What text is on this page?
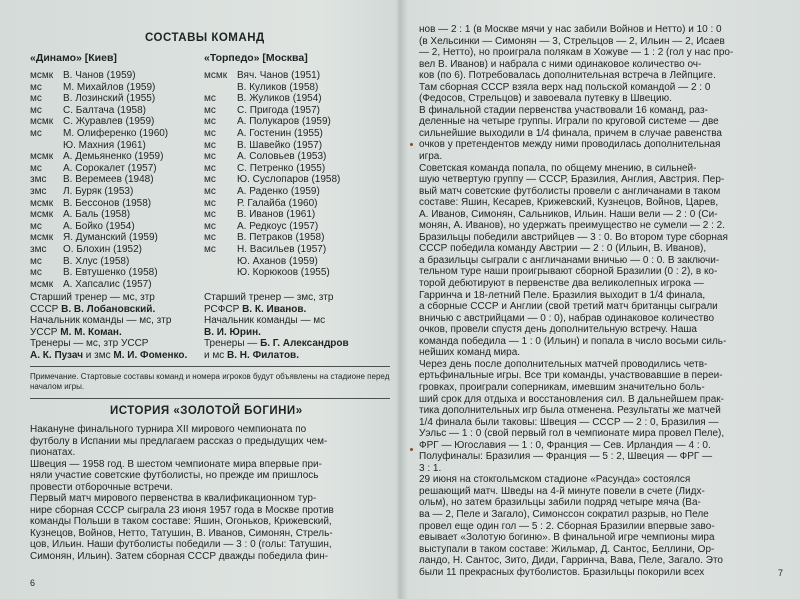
СОСТАВЫ КОМАНД
«Динамо» [Киев]	«Торпедо» [Москва]
мсмк В. Чанов (1959)
мс М. Михайлов (1959)
мс В. Лозинский (1955)
мс С. Балтача (1958)
мсмк С. Журавлев (1959)
мс М. Олиференко (1960)
Ю. Махния (1961)
мсмк А. Демьяненко (1959)
мс А. Сорокалет (1957)
змс В. Веремеев (1948)
змс Л. Буряк (1953)
мсмк В. Бессонов (1958)
мсмк А. Баль (1958)
мс А. Бойко (1954)
мсмк Я. Думанский (1959)
змс О. Блохин (1952)
мс В. Хлус (1958)
мс В. Евтушенко (1958)
мсмк А. Хапсалис (1957)
мсмк Вяч. Чанов (1951)
В. Куликов (1958)
мс В. Жуликов (1954)
мс С. Пригода (1957)
мс А. Полукаров (1959)
мс А. Гостенин (1955)
мс В. Шавейко (1957)
мс А. Соловьев (1953)
мс С. Петренко (1955)
мс Ю. Суслопаров (1958)
мс А. Раденко (1959)
мс Р. Галайба (1960)
мс В. Иванов (1961)
мс А. Редкоус (1957)
мс В. Петраков (1958)
мс Н. Васильев (1957)
Ю. Аханов (1959)
Ю. Корюкоов (1955)
Старший тренер — мс, зтр
СССР В. В. Лобановский.
Начальник команды — мс, зтр
УССР М. М. Коман.
Тренеры — мс, зтр УССР
А. К. Пузач и змс М. И. Фоменко.
Старший тренер — змс, зтр
РСФСР В. К. Иванов.
Начальник команды — мс
В. И. Юрин.
Тренеры — Б. Г. Александров
и мс В. Н. Филатов.
Примечание. Стартовые составы команд и номера игроков будут объявлены на стадионе перед началом игры.
ИСТОРИЯ «ЗОЛОТОЙ БОГИНИ»
Накануне финального турнира XII мирового чемпионата по
футболу в Испании мы предлагаем рассказ о предыдущих чем-
пионатах.
Швеция — 1958 год. В шестом чемпионате мира впервые при-
няли участие советские футболисты, но прежде им пришлось
провести отборочные встречи.
Первый матч мирового первенства в квалификационном тур-
нире сборная СССР сыграла 23 июня 1957 года в Москве против
команды Польши в таком составе: Яшин, Огоньков, Крижевский,
Кузнецов, Войнов, Нетто, Татушин, В. Иванов, Симонян, Стрель-
цов, Ильин. Наши футболисты победили — 3 : 0 (голы: Татушин,
Симонян, Ильин). Затем сборная СССР дважды победила фин-
6
нов — 2 : 1 (в Москве мячи у нас забили Войнов и Нетто) и 10 : 0
(в Хельсинки — Симонян — 3, Стрельцов — 2, Ильин — 2, Исаев
— 2, Нетто), но проиграла полякам в Хожуве — 1 : 2 (гол у нас про-
вел В. Иванов) и набрала с ними одинаковое количество оч-
ков (по 6). Потребовалась дополнительная встреча в Лейпциге.
Там сборная СССР взяла верх над польской командой — 2 : 0
(Федосов, Стрельцов) и завоевала путевку в Швецию.
В финальной стадии первенства участвовали 16 команд, раз-
деленные на четыре группы. Играли по круговой системе — две
сильнейшие выходили в 1/4 финала, причем в случае равенства
очков у претендентов между ними проводилась дополнительная
игра.
Советская команда попала, по общему мнению, в сильней-
шую четвертую группу — СССР, Бразилия, Англия, Австрия. Пер-
вый матч советские футболисты провели с англичанами в таком
составе: Яшин, Кесарев, Крижевский, Кузнецов, Войнов, Царев,
А. Иванов, Симонян, Сальников, Ильин. Наши вели — 2 : 0 (Си-
монян, А. Иванов), но удержать преимущество не сумели — 2 : 2.
Бразильцы победили австрийцев — 3 : 0. Во втором туре сборная
СССР победила команду Австрии — 2 : 0 (Ильин, В. Иванов),
а бразильцы сыграли с англичанами вничью — 0 : 0. В заключи-
тельном туре наши проигрывают сборной Бразилии (0 : 2), в ко-
торой дебютируют в первенстве два великолепных игрока —
Гарринча и 18-летний Пеле. Бразилия выходит в 1/4 финала,
а сборные СССР и Англии (свой третий матч британцы сыграли
вничью с австрийцами — 0 : 0), набрав одинаковое количество
очков, провели спустя день дополнительную встречу. Наша
команда победила — 1 : 0 (Ильин) и попала в число восьми силь-
нейших команд мира.
Через день после дополнительных матчей проводились четв-
ертьфинальные игры. Все три команды, участвовавшие в переи-
гровках, проиграли соперникам, имевшим значительно боль-
ший срок для отдыха и восстановления сил. В дальнейшем прак-
тика дополнительных игр была отменена. Результаты же матчей
1/4 финала были таковы: Швеция — СССР — 2 : 0, Бразилия —
Уэльс — 1 : 0 (свой первый гол в чемпионате мира провел Пеле),
ФРГ — Югославия — 1 : 0, Франция — Сев. Ирландия — 4 : 0.
Полуфиналы: Бразилия — Франция — 5 : 2, Швеция — ФРГ —
3 : 1.
29 июня на стокгольмском стадионе «Расунда» состоялся
решающий матч. Шведы на 4-й минуте повели в счете (Лидх-
ольм), но затем бразильцы забили подряд четыре мяча (Ва-
ва — 2, Пеле и Загало), Симонссон сократил разрыв, но Пеле
провел еще один гол — 5 : 2. Сборная Бразилии впервые заво-
евывает «Золотую богиню». В финальной игре чемпионы мира
выступали в таком составе: Жильмар, Д. Сантос, Беллини, Ор-
ландо, Н. Сантос, Зито, Диди, Гарринча, Вава, Пеле, Загало. Это
были 11 прекрасных футболистов. Бразильцы покорили всех	7
